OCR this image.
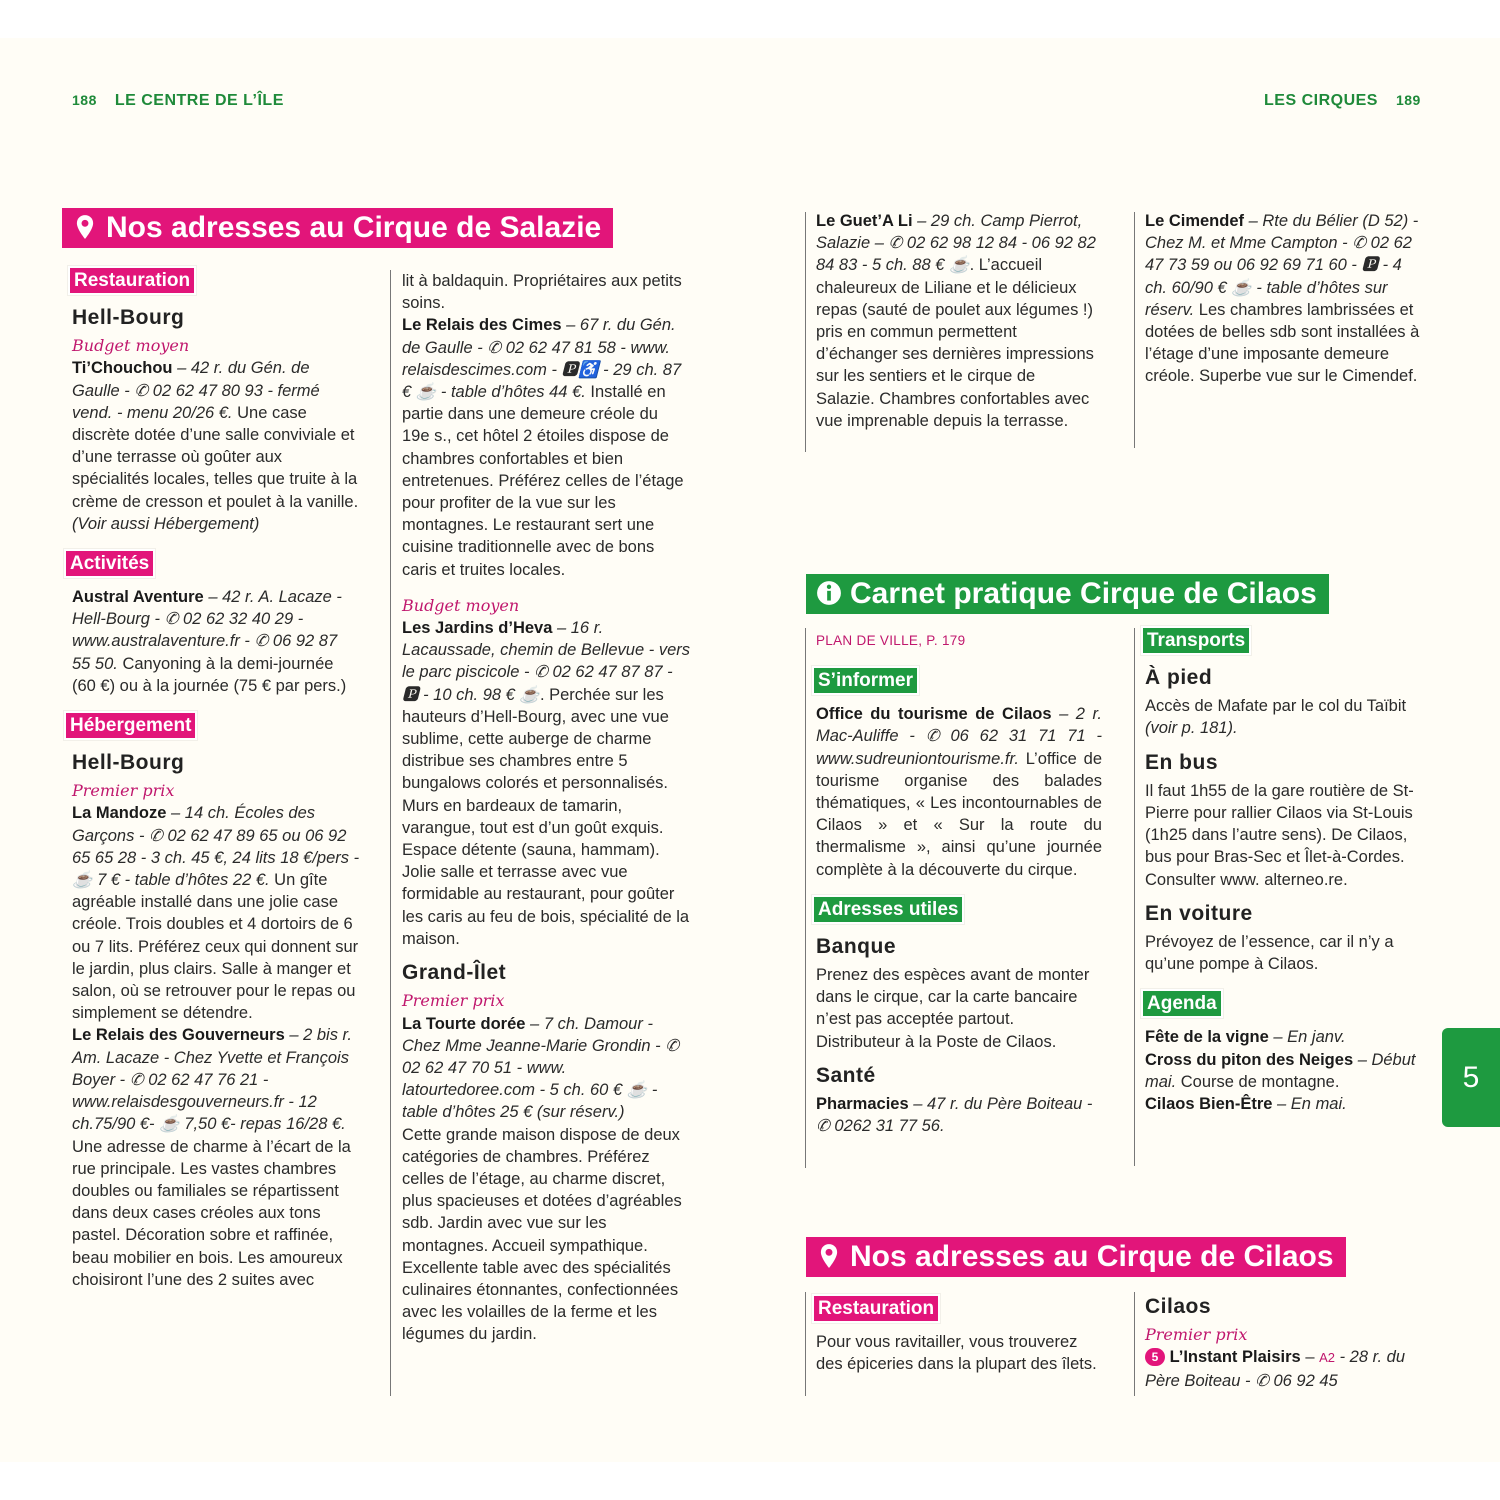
188 LE CENTRE DE L’ÎLE	LES CIRQUES 189
Nos adresses au Cirque de Salazie

Restauration

Hell-Bourg

Budget moyen

Ti’Chouchou – 42 r. du Gén. de Gaulle - ✆ 02 62 47 80 93 - fermé vend. - menu 20/26 €. Une case discrète dotée d’une salle conviviale et d’une terrasse où goûter aux spécialités locales, telles que truite à la crème de cresson et poulet à la vanille.

(Voir aussi Hébergement)

Activités

Austral Aventure – 42 r. A. Lacaze - Hell-Bourg - ✆ 02 62 32 40 29 - www.australaventure.fr - ✆ 06 92 87 55 50. Canyoning à la demi-journée (60 €) ou à la journée (75 € par pers.)

Hébergement

Hell-Bourg

Premier prix

La Mandoze – 14 ch. Écoles des Garçons - ✆ 02 62 47 89 65 ou 06 92 65 65 28 - 3 ch. 45 €, 24 lits 18 €/pers - ☕ 7 € - table d’hôtes 22 €. Un gîte agréable installé dans une jolie case créole. Trois doubles et 4 dortoirs de 6 ou 7 lits. Préférez ceux qui donnent sur le jardin, plus clairs. Salle à manger et salon, où se retrouver pour le repas ou simplement se détendre.

Le Relais des Gouverneurs – 2 bis r. Am. Lacaze - Chez Yvette et François Boyer - ✆ 02 62 47 76 21 - www.relaisdesgouverneurs.fr - 12 ch.75/90 €- ☕ 7,50 €- repas 16/28 €. Une adresse de charme à l’écart de la rue principale. Les vastes chambres doubles ou familiales se répartissent dans deux cases créoles aux tons pastel. Décoration sobre et raffinée, beau mobilier en bois. Les amoureux choisiront l’une des 2 suites avec

lit à baldaquin. Propriétaires aux petits soins.

Le Relais des Cimes – 67 r. du Gén. de Gaulle - ✆ 02 62 47 81 58 - www. relaisdescimes.com - 🅿♿ - 29 ch. 87 € ☕ - table d’hôtes 44 €. Installé en partie dans une demeure créole du 19e s., cet hôtel 2 étoiles dispose de chambres confortables et bien entretenues. Préférez celles de l’étage pour profiter de la vue sur les montagnes. Le restaurant sert une cuisine traditionnelle avec de bons caris et truites locales.

Budget moyen

Les Jardins d’Heva – 16 r. Lacaussade, chemin de Bellevue - vers le parc piscicole - ✆ 02 62 47 87 87 - 🅿 - 10 ch. 98 € ☕. Perchée sur les hauteurs d’Hell-Bourg, avec une vue sublime, cette auberge de charme distribue ses chambres entre 5 bungalows colorés et personnalisés. Murs en bardeaux de tamarin, varangue, tout est d’un goût exquis. Espace détente (sauna, hammam). Jolie salle et terrasse avec vue formidable au restaurant, pour goûter les caris au feu de bois, spécialité de la maison.

Grand-Îlet

Premier prix

La Tourte dorée – 7 ch. Damour - Chez Mme Jeanne-Marie Grondin - ✆ 02 62 47 70 51 - www. latourtedoree.com - 5 ch. 60 € ☕ - table d’hôtes 25 € (sur réserv.)

Cette grande maison dispose de deux catégories de chambres. Préférez celles de l’étage, au charme discret, plus spacieuses et dotées d’agréables sdb. Jardin avec vue sur les montagnes. Accueil sympathique. Excellente table avec des spécialités culinaires étonnantes, confectionnées avec les volailles de la ferme et les légumes du jardin.

Le Guet’A Li – 29 ch. Camp Pierrot, Salazie – ✆ 02 62 98 12 84 - 06 92 82 84 83 - 5 ch. 88 € ☕. L’accueil chaleureux de Liliane et le délicieux repas (sauté de poulet aux légumes !) pris en commun permettent d’échanger ses dernières impressions sur les sentiers et le cirque de Salazie. Chambres confortables avec vue imprenable depuis la terrasse.

Le Cimendef – Rte du Bélier (D 52) - Chez M. et Mme Campton - ✆ 02 62 47 73 59 ou 06 92 69 71 60 - 🅿 - 4 ch. 60/90 € ☕ - table d’hôtes sur réserv. Les chambres lambrissées et dotées de belles sdb sont installées à l’étage d’une imposante demeure créole. Superbe vue sur le Cimendef.

Carnet pratique Cirque de Cilaos

PLAN DE VILLE, P. 179

S’informer

Office du tourisme de Cilaos – 2 r. Mac-Auliffe - ✆ 06 62 31 71 71 - www.sudreuniontourisme.fr. L’office de tourisme organise des balades thématiques, « Les incontournables de Cilaos » et « Sur la route du thermalisme », ainsi qu’une journée complète à la découverte du cirque.

Adresses utiles

Banque

Prenez des espèces avant de monter dans le cirque, car la carte bancaire n’est pas acceptée partout. Distributeur à la Poste de Cilaos.

Santé

Pharmacies – 47 r. du Père Boiteau - ✆ 0262 31 77 56.

Transports

À pied

Accès de Mafate par le col du Taïbit (voir p. 181).

En bus

Il faut 1h55 de la gare routière de St-Pierre pour rallier Cilaos via St-Louis (1h25 dans l’autre sens). De Cilaos, bus pour Bras-Sec et Îlet-à-Cordes. Consulter www. alterneo.re.

En voiture

Prévoyez de l’essence, car il n’y a qu’une pompe à Cilaos.

Agenda

Fête de la vigne – En janv.

Cross du piton des Neiges – Début mai. Course de montagne.

Cilaos Bien-Être – En mai.

5
Nos adresses au Cirque de Cilaos

Restauration

Pour vous ravitailler, vous trouverez des épiceries dans la plupart des îlets.

Cilaos

Premier prix

5 L’Instant Plaisirs – A2 - 28 r. du Père Boiteau - ✆ 06 92 45
